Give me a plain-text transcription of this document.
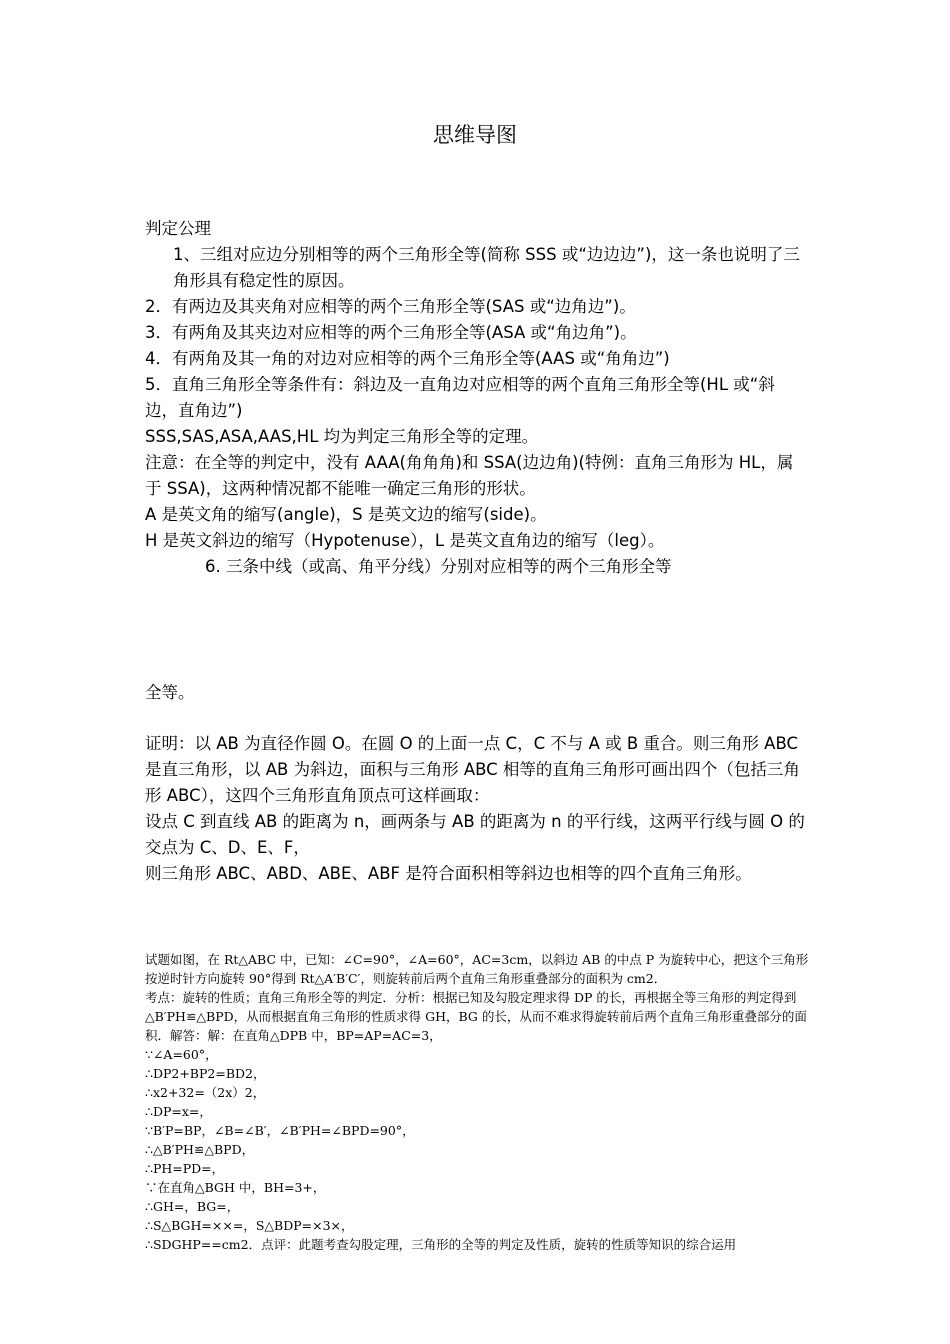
思维导图

判定公理

1、三组对应边分别相等的两个三角形全等(简称 SSS 或“边边边”)，这一条也说明了三角形具有稳定性的原因。

2．有两边及其夹角对应相等的两个三角形全等(SAS 或“边角边”)。

3．有两角及其夹边对应相等的两个三角形全等(ASA 或“角边角”)。

4．有两角及其一角的对边对应相等的两个三角形全等(AAS 或“角角边”)

5．直角三角形全等条件有：斜边及一直角边对应相等的两个直角三角形全等(HL 或“斜边，直角边”)

SSS,SAS,ASA,AAS,HL 均为判定三角形全等的定理。

注意：在全等的判定中，没有 AAA(角角角)和 SSA(边边角)(特例：直角三角形为 HL，属于 SSA)，这两种情况都不能唯一确定三角形的形状。

A 是英文角的缩写(angle)，S 是英文边的缩写(side)。

H 是英文斜边的缩写（Hypotenuse），L 是英文直角边的缩写（leg）。

6. 三条中线（或高、角平分线）分别对应相等的两个三角形全等

全等。

证明：以 AB 为直径作圆 O。在圆 O 的上面一点 C，C 不与 A 或 B 重合。则三角形 ABC 是直三角形，以 AB 为斜边，面积与三角形 ABC 相等的直角三角形可画出四个（包括三角形 ABC），这四个三角形直角顶点可这样画取：

设点 C 到直线 AB 的距离为 n，画两条与 AB 的距离为 n 的平行线，这两平行线与圆 O 的交点为 C、D、E、F，

则三角形 ABC、ABD、ABE、ABF 是符合面积相等斜边也相等的四个直角三角形。

试题如图，在 Rt△ABC 中，已知：∠C=90°，∠A=60°，AC=3cm，以斜边 AB 的中点 P 为旋转中心，把这个三角形按逆时针方向旋转 90°得到 Rt△A′B′C′，则旋转前后两个直角三角形重叠部分的面积为 cm2．

考点：旋转的性质；直角三角形全等的判定．分析：根据已知及勾股定理求得 DP 的长，再根据全等三角形的判定得到△B′PH≌△BPD，从而根据直角三角形的性质求得 GH，BG 的长，从而不难求得旋转前后两个直角三角形重叠部分的面积．解答：解：在直角△DPB 中，BP=AP=AC=3，

∵∠A=60°，

∴DP2+BP2=BD2，

∴x2+32=（2x）2，

∴DP=x=，

∵B′P=BP，∠B=∠B′，∠B′PH=∠BPD=90°，

∴△B′PH≌△BPD，

∴PH=PD=，

∵在直角△BGH 中，BH=3+，

∴GH=，BG=，

∴S△BGH=××=，S△BDP=×3×，

∴SDGHP==cm2．点评：此题考查勾股定理，三角形的全等的判定及性质，旋转的性质等知识的综合运用
